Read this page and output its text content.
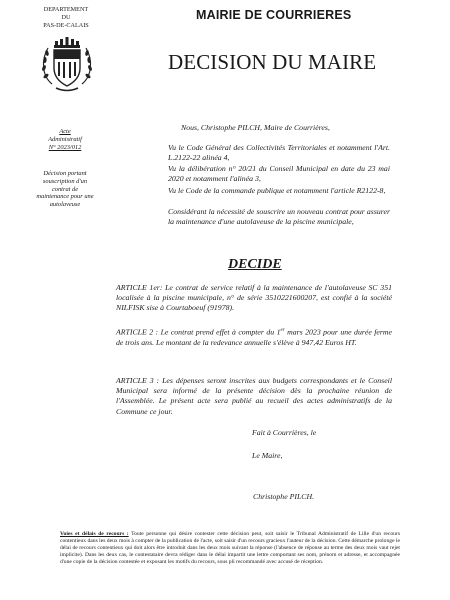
DEPARTEMENT
DU
PAS-DE-CALAIS
MAIRIE DE COURRIERES
DECISION DU MAIRE
Acte
Administratif
N° 2023/012
Décision portant
souscription d'un
contrat de
maintenance pour une
autolaveuse
Nous, Christophe PILCH, Maire de Courrières,
Vu le Code Général des Collectivités Territoriales et notamment l'Art. L.2122-22 alinéa 4,
Vu la délibération n° 20/21 du Conseil Municipal en date du 23 mai 2020 et notamment l'alinéa 3,
Vu le Code de la commande publique et notamment l'article R2122-8,
Considérant la nécessité de souscrire un nouveau contrat pour assurer la maintenance d'une autolaveuse de la piscine municipale,
DECIDE
ARTICLE 1er: Le contrat de service relatif à la maintenance de l'autolaveuse SC 351 localisée à la piscine municipale, n° de série 3510221600207, est confié à la société NILFISK sise à Courtaboeuf (91978).
ARTICLE 2 : Le contrat prend effet à compter du 1er mars 2023 pour une durée ferme de trois ans. Le montant de la redevance annuelle s'élève à 947,42 Euros HT.
ARTICLE 3 : Les dépenses seront inscrites aux budgets correspondants et le Conseil Municipal sera informé de la présente décision dès la prochaine réunion de l'Assemblée. Le présent acte sera publié au recueil des actes administratifs de la Commune ce jour.
Fait à Courrières, le
Le Maire,
Christophe PILCH.
Voies et délais de recours : Toute personne qui désire contester cette décision peut, soit saisir le Tribunal Administratif de Lille d'un recours contentieux dans les deux mois à compter de la publication de l'acte, soit saisir d'un recours gracieux l'auteur de la décision. Cette démarche prolonge le délai de recours contentieux qui doit alors être introduit dans les deux mois suivant la réponse (l'absence de réponse au terme des deux mois vaut rejet implicite). Dans les deux cas, le contestataire devra rédiger dans le délai impartit une lettre comportant ses nom, prénom et adresse, et accompagnée d'une copie de la décision contestée et exposant les motifs du recours, sous pli recommandé avec accusé de réception.
